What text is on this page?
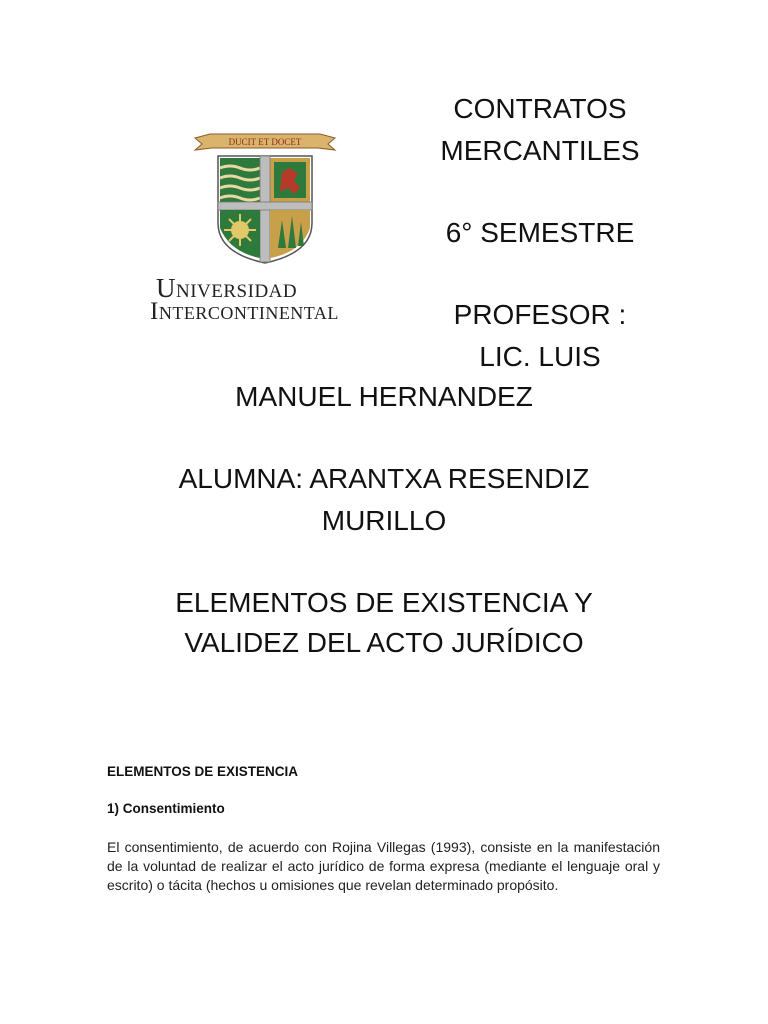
DUCIT ET DOCET
Universidad
Intercontinental
CONTRATOS
MERCANTILES
6° SEMESTRE
PROFESOR :
LIC. LUIS
MANUEL HERNANDEZ
ALUMNA: ARANTXA RESENDIZ
MURILLO
ELEMENTOS DE EXISTENCIA Y
VALIDEZ DEL ACTO JURÍDICO
ELEMENTOS DE EXISTENCIA
1) Consentimiento
El consentimiento, de acuerdo con Rojina Villegas (1993), consiste en la manifestación de la voluntad de realizar el acto jurídico de forma expresa (mediante el lenguaje oral y escrito) o tácita (hechos u omisiones que revelan determinado propósito.
